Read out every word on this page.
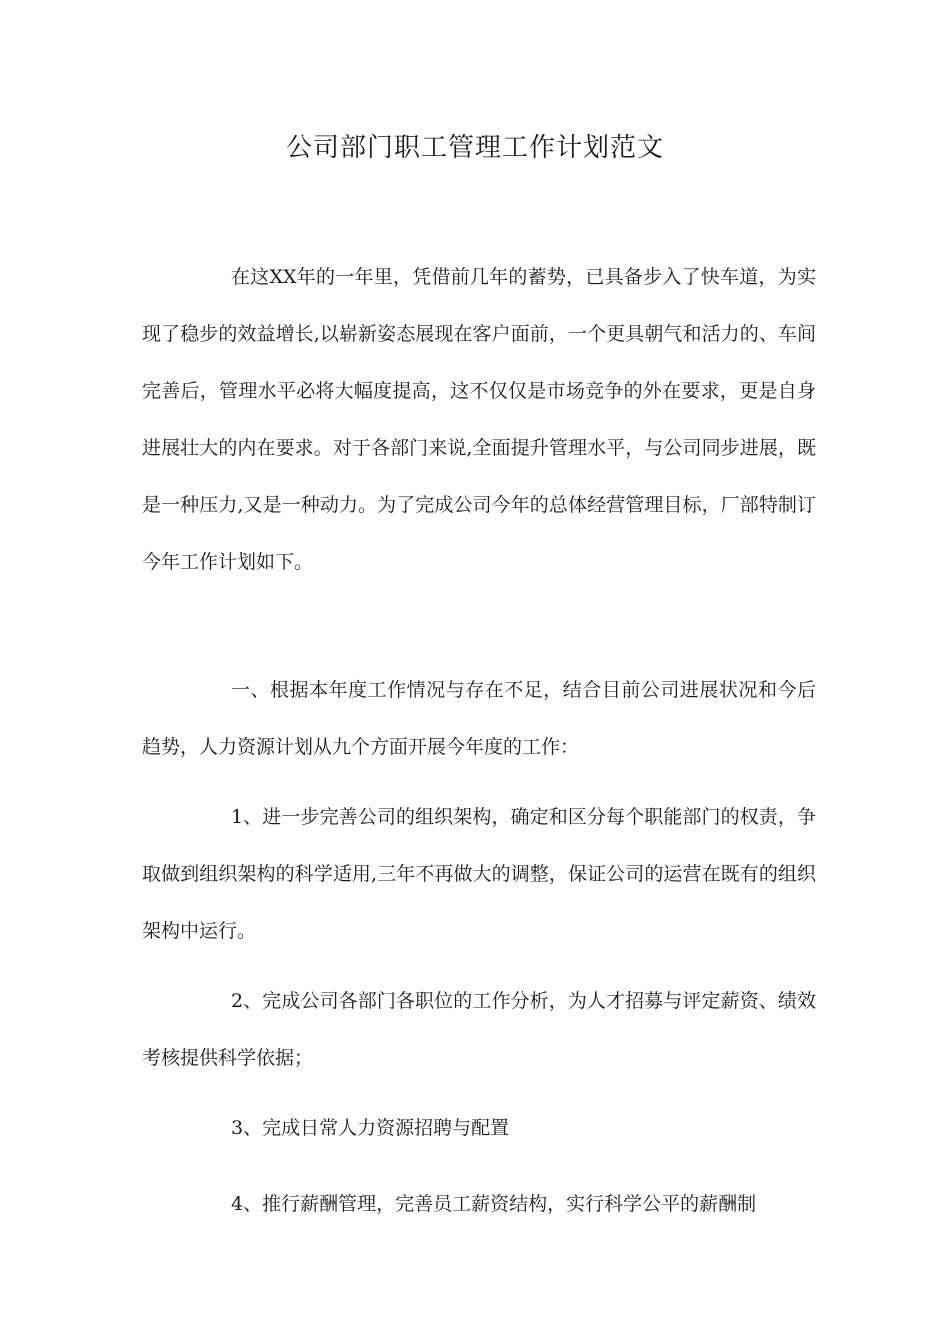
公司部门职工管理工作计划范文

在这XX年的一年里，凭借前几年的蓄势，已具备步入了快车道，为实现了稳步的效益增长,以崭新姿态展现在客户面前，一个更具朝气和活力的、车间完善后，管理水平必将大幅度提高，这不仅仅是市场竞争的外在要求，更是自身进展壮大的内在要求。对于各部门来说,全面提升管理水平，与公司同步进展，既是一种压力,又是一种动力。为了完成公司今年的总体经营管理目标，厂部特制订今年工作计划如下。

一、根据本年度工作情况与存在不足，结合目前公司进展状况和今后趋势，人力资源计划从九个方面开展今年度的工作：

1、进一步完善公司的组织架构，确定和区分每个职能部门的权责，争取做到组织架构的科学适用,三年不再做大的调整，保证公司的运营在既有的组织架构中运行。

2、完成公司各部门各职位的工作分析，为人才招募与评定薪资、绩效考核提供科学依据；

3、完成日常人力资源招聘与配置

4、推行薪酬管理，完善员工薪资结构，实行科学公平的薪酬制
